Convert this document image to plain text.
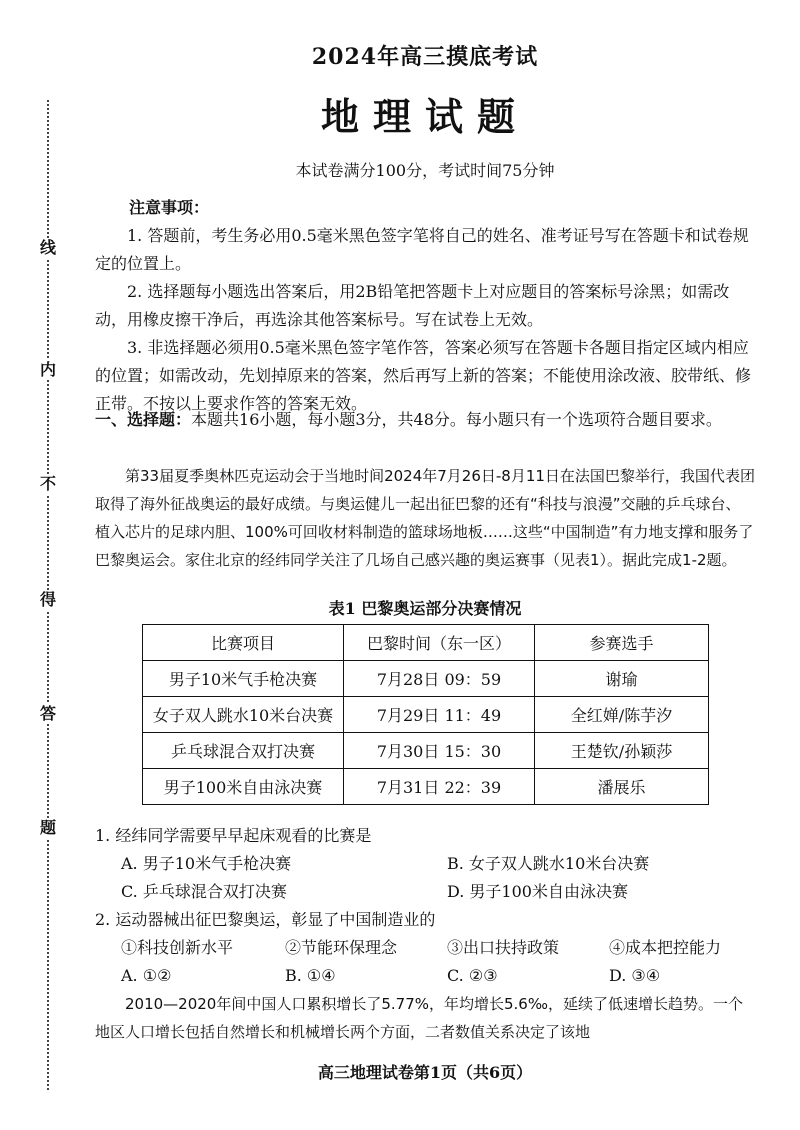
线
内
不
得
答
题
2024年高三摸底考试
地理试题
本试卷满分100分，考试时间75分钟
注意事项：
1. 答题前，考生务必用0.5毫米黑色签字笔将自己的姓名、准考证号写在答题卡和试卷规定的位置上。
2. 选择题每小题选出答案后，用2B铅笔把答题卡上对应题目的答案标号涂黑；如需改动，用橡皮擦干净后，再选涂其他答案标号。写在试卷上无效。
3. 非选择题必须用0.5毫米黑色签字笔作答，答案必须写在答题卡各题目指定区域内相应的位置；如需改动，先划掉原来的答案，然后再写上新的答案；不能使用涂改液、胶带纸、修正带。不按以上要求作答的答案无效。
一、选择题：本题共16小题，每小题3分，共48分。每小题只有一个选项符合题目要求。
第33届夏季奥林匹克运动会于当地时间2024年7月26日-8月11日在法国巴黎举行，我国代表团取得了海外征战奥运的最好成绩。与奥运健儿一起出征巴黎的还有“科技与浪漫”交融的乒乓球台、植入芯片的足球内胆、100%可回收材料制造的篮球场地板……这些“中国制造”有力地支撑和服务了巴黎奥运会。家住北京的经纬同学关注了几场自己感兴趣的奥运赛事（见表1）。据此完成1-2题。
表1 巴黎奥运部分决赛情况
比赛项目	巴黎时间（东一区）	参赛选手
男子10米气手枪决赛	7月28日 09：59	谢瑜
女子双人跳水10米台决赛	7月29日 11：49	全红婵/陈芋汐
乒乓球混合双打决赛	7月30日 15：30	王楚钦/孙颖莎
男子100米自由泳决赛	7月31日 22：39	潘展乐
1. 经纬同学需要早早起床观看的比赛是
A. 男子10米气手枪决赛	B. 女子双人跳水10米台决赛
C. 乒乓球混合双打决赛	D. 男子100米自由泳决赛
2. 运动器械出征巴黎奥运，彰显了中国制造业的
①科技创新水平	②节能环保理念	③出口扶持政策	④成本把控能力
A. ①②	B. ①④	C. ②③	D. ③④
2010—2020年间中国人口累积增长了5.77%，年均增长5.6‰，延续了低速增长趋势。一个地区人口增长包括自然增长和机械增长两个方面，二者数值关系决定了该地
高三地理试卷第1页（共6页）
